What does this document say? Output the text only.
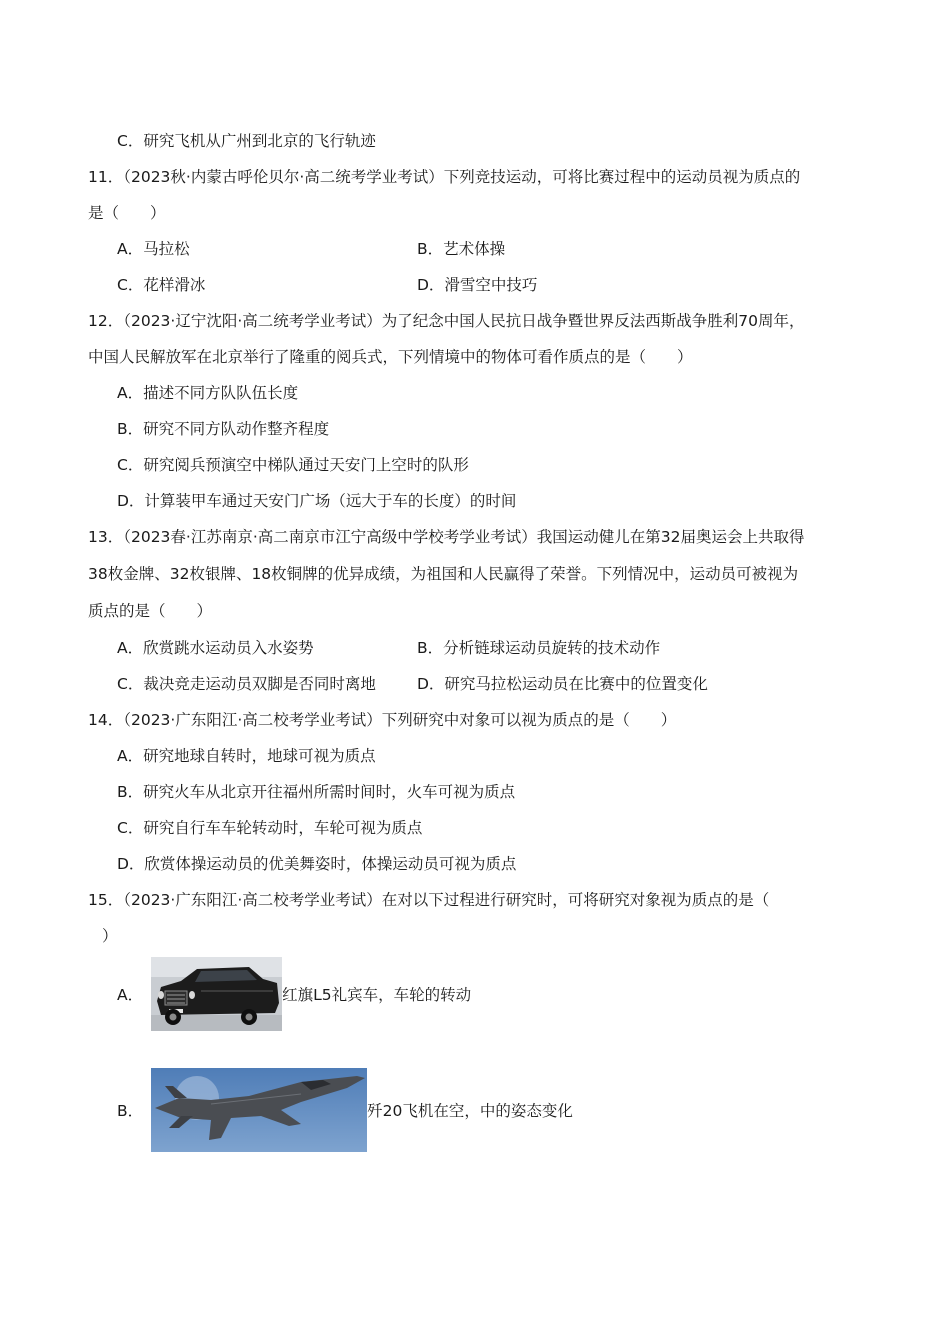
C．研究飞机从广州到北京的飞行轨迹
11．（2023秋·内蒙古呼伦贝尔·高二统考学业考试）下列竞技运动，可将比赛过程中的运动员视为质点的
是（　　）
A．马拉松	B．艺术体操
C．花样滑冰	D．滑雪空中技巧
12．（2023·辽宁沈阳·高二统考学业考试）为了纪念中国人民抗日战争暨世界反法西斯战争胜利70周年，
中国人民解放军在北京举行了隆重的阅兵式，下列情境中的物体可看作质点的是（　　）
A．描述不同方队队伍长度
B．研究不同方队动作整齐程度
C．研究阅兵预演空中梯队通过天安门上空时的队形
D．计算装甲车通过天安门广场（远大于车的长度）的时间
13．（2023春·江苏南京·高二南京市江宁高级中学校考学业考试）我国运动健儿在第32届奥运会上共取得
38枚金牌、32枚银牌、18枚铜牌的优异成绩，为祖国和人民赢得了荣誉。下列情况中，运动员可被视为
质点的是（　　）
A．欣赏跳水运动员入水姿势	B．分析链球运动员旋转的技术动作
C．裁决竞走运动员双脚是否同时离地	D．研究马拉松运动员在比赛中的位置变化
14．（2023·广东阳江·高二校考学业考试）下列研究中对象可以视为质点的是（　　）
A．研究地球自转时，地球可视为质点
B．研究火车从北京开往福州所需时间时，火车可视为质点
C．研究自行车车轮转动时，车轮可视为质点
D．欣赏体操运动员的优美舞姿时，体操运动员可视为质点
15．（2023·广东阳江·高二校考学业考试）在对以下过程进行研究时，可将研究对象视为质点的是（
）
A．	红旗L5礼宾车，车轮的转动
B．	歼20飞机在空，中的姿态变化
